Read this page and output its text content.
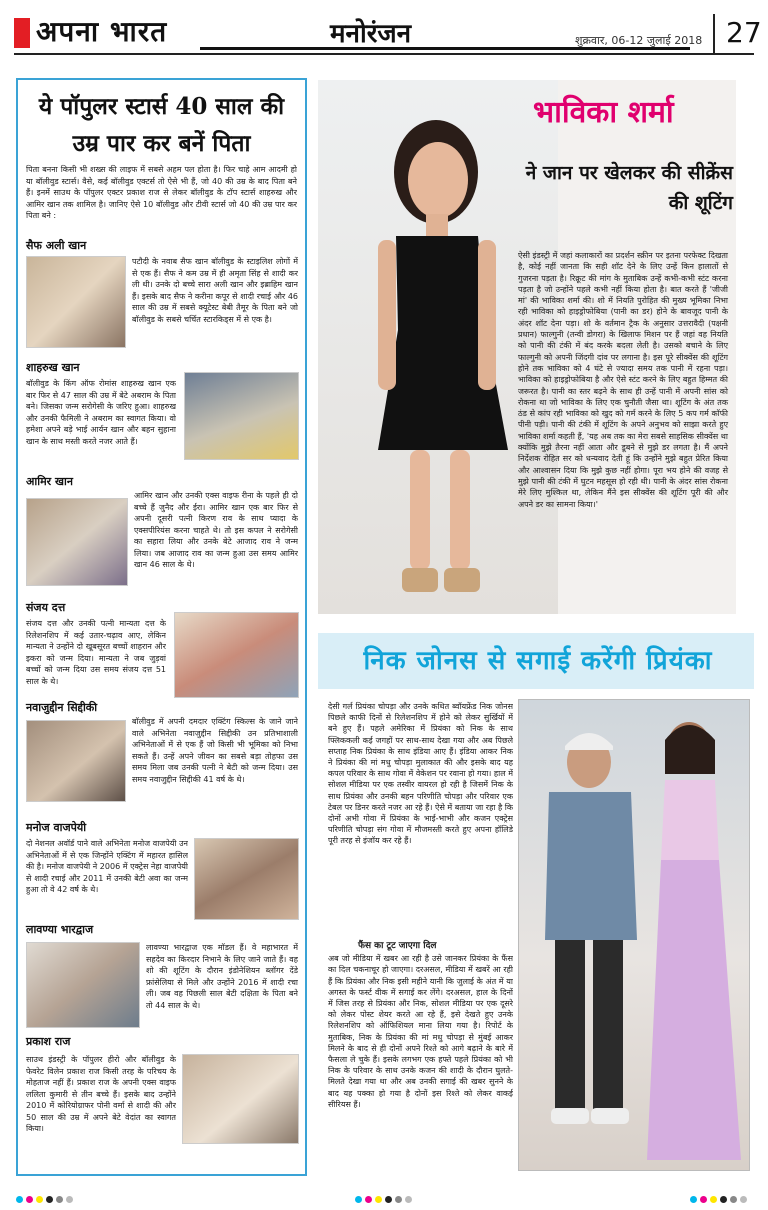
अपना भारत	मनोरंजन	शुक्रवार, 06-12 जुलाई 2018 27
ये पॉपुलर स्टार्स 40 साल की उम्र पार कर बनें पिता
पिता बनना किसी भी शख्स की लाइफ में सबसे अहम पल होता है। फिर चाहे आम आदमी हो या बॉलीवुड स्टार्स। वैसे, कई बॉलीवुड एक्टर्स तो ऐसे भी हैं, जो 40 की उम्र के बाद पिता बने हैं। इनमें साउथ के पॉपुलर एक्टर प्रकाश राज से लेकर बॉलीवुड के टॉप स्टार्स शाहरुख और आमिर खान तक शामिल है। जानिए ऐसे 10 बॉलीवुड और टीवी स्टार्स जो 40 की उम्र पार कर पिता बने :
सैफ अली खान
पटौदी के नवाब सैफ खान बॉलीवुड के स्टाइलिश लोगों में से एक हैं। सैफ ने कम उम्र में ही अमृता सिंह से शादी कर ली थी। उनके दो बच्चे सारा अली खान और इब्राहिम खान हैं। इसके बाद सैफ ने करीना कपूर से शादी रचाई और 46 साल की उम्र में सबसे क्यूटेस्ट बेबी तैमूर के पिता बने जो बॉलीवुड के सबसे चर्चित स्टारकिड्स में से एक है।
शाहरुख खान
बॉलीवुड के किंग ऑफ रोमांस शाहरुख खान एक बार फिर से 47 साल की उम्र में बेटे अबराम के पिता बने। जिसका जन्म सरोगेसी के जरिए हुआ। शाहरुख और उनकी फैमिली ने अबराम का स्वागत किया। वो हमेशा अपने बड़े भाई आर्यन खान और बहन सुहाना खान के साथ मस्ती करते नजर आते हैं।
आमिर खान
आमिर खान और उनकी एक्स वाइफ रीना के पहले ही दो बच्चे हैं जुनैद और ईरा। आमिर खान एक बार फिर से अपनी दूसरी पत्नी किरण राव के साथ प्यादा के एक्सपीरियंस करना चाहते थे। तो इस कपल ने सरोगेसी का सहारा लिया और उनके बेटे आजाद राव ने जन्म लिया। जब आजाद राव का जन्म हुआ उस समय आमिर खान 46 साल के थे।
संजय दत्त
संजय दत्त और उनकी पत्नी मान्यता दत्त के रिलेशनशिप में कई उतार-चढ़ाव आए, लेकिन मान्यता ने उन्होंने दो खूबसूरत बच्चों शाहरान और इकरा को जन्म दिया। मान्यता ने जब जुड़वां बच्चों को जन्म दिया उस समय संजय दत्त 51 साल के थे।
नवाजुद्दीन सिद्दीकी
बॉलीवुड में अपनी दमदार एक्टिंग स्किल्स के जाने जाने वाले अभिनेता नवाजुद्दीन सिद्दीकी उन प्रतिभाशाली अभिनेताओं में से एक हैं जो किसी भी भूमिका को निभा सकते हैं। उन्हें अपने जीवन का सबसे बड़ा तोहफा उस समय मिला जब उनकी पत्नी ने बेटी को जन्म दिया। उस समय नवाजुद्दीन सिद्दीकी 41 वर्ष के थे।
मनोज वाजपेयी
दो नेशनल अवॉर्ड पाने वाले अभिनेता मनोज वाजपेयी उन अभिनेताओं में से एक जिन्होंने एक्टिंग में महारत हासिल की है। मनोज वाजपेयी ने 2006 में एक्ट्रेस नेहा वाजपेयी से शादी रचाई और 2011 में उनकी बेटी अवा का जन्म हुआ तो वे 42 वर्ष के थे।
लावण्या भारद्वाज
लावण्या भारद्वाज एक मॉडल हैं। वे महाभारत में सहदेव का किरदार निभाने के लिए जाने जाते हैं। वह शो की शूटिंग के दौरान इंडोनेशियन ब्लॉगर देंडे फ्रांसेलिया से मिले और उन्होंने 2016 में शादी रचा ली। जब वह पिछली साल बेटी दक्षिता के पिता बने तो 44 साल के थे।
प्रकाश राज
साउथ इंडस्ट्री के पॉपुलर हीरो और बॉलीवुड के फेवरेट विलेन प्रकाश राज किसी तरह के परिचय के मोहताज नहीं हैं। प्रकाश राज के अपनी एक्स वाइफ ललिता कुमारी से तीन बच्चे हैं। इसके बाद उन्होंने 2010 में कोरियोग्राफर पोनी वर्मा से शादी की और 50 साल की उम्र में अपने बेटे वेदांत का स्वागत किया।
भाविका शर्मा
ने जान पर खेलकर की सीक्रेंस की शूटिंग
ऐसी इंडस्ट्री में जहां कलाकारों का प्रदर्शन स्क्रीन पर इतना परफेक्ट दिखता है, कोई नहीं जानता कि सही शॉट देने के लिए उन्हें किन हालातों से गुजरना पड़ता है। रिक्रूट की मांग के मुताबिक उन्हें कभी-कभी स्टंट करना पड़ता है जो उन्होंने पहले कभी नहीं किया होता है। बात करते हैं 'जीजी मां' की भाविका शर्मा की। शो में नियति पुरोहित की मुख्य भूमिका निभा रही भाविका को हाइड्रोफोबिया (पानी का डर) होने के बावजूद पानी के अंदर शॉट देना पड़ा। शो के वर्तमान ट्रैक के अनुसार उत्तरावैदी (पक्षनी प्रधान) फाल्गुनी (तन्वी डोगरा) के खिलाफ मिशन पर हैं जहां वह नियति को पानी की टंकी में बंद करके बदला लेती है। उसको बचाने के लिए फाल्गुनी को अपनी जिंदगी दांव पर लगाना है। इस पूरे सीक्वेंस की शूटिंग होने तक भाविका को 4 घंटे से ज्यादा समय तक पानी में रहना पड़ा। भाविका को हाइड्रोफोबिया है और ऐसे स्टंट करने के लिए बहुत हिम्मत की जरूरत है। पानी का स्तर बढ़ने के साथ ही उन्हें पानी में अपनी सांस को रोकना था जो भाविका के लिए एक चुनौती जैसा था। शूटिंग के अंत तक ठंड से कांप रही भाविका को खुद को गर्म करने के लिए 5 कप गर्म कॉफी पीनी पड़ी। पानी की टंकी में शूटिंग के अपने अनुभव को साझा करते हुए भाविका शर्मा कहती हैं, 'यह अब तक का मेरा सबसे साहसिक सीक्वेंस था क्योंकि मुझे तैरना नहीं आता और डूबने से मुझे डर लगता है। मैं अपने निर्देशक रोहित सर को धन्यवाद देती हूं कि उन्होंने मुझे बहुत प्रेरित किया और आश्वासन दिया कि मुझे कुछ नहीं होगा। पूरा भय होने की वजह से मुझे पानी की टंकी में घुटन महसूस हो रही थी। पानी के अंदर सांस रोकना मेरे लिए मुश्किल था, लेकिन मैंने इस सीक्वेंस की शूटिंग पूरी की और अपने डर का सामना किया।'
निक जोनस से सगाई करेंगी प्रियंका
देसी गर्ल प्रियंका चोपड़ा और उनके कथित ब्वॉयफ्रेंड निक जोनस पिछले काफी दिनों से रिलेशनशिप में होने को लेकर सुर्खियों में बने हुए हैं। पहले अमेरिका में प्रियंका को निक के साथ फ्लिककली कई जगहों पर साथ-साथ देखा गया और अब पिछले सप्ताह निक प्रियंका के साथ इंडिया आए हैं। इंडिया आकर निक ने प्रियंका की मां मधु चोपड़ा मुलाकात की और इसके बाद यह कपल परिवार के साथ गोवा में वेकेशन पर रवाना हो गया। हाल में सोशल मीडिया पर एक तस्वीर वायरल हो रही है जिसमें निक के साथ प्रियंका और उनकी बहन परिणीति चोपड़ा और परिवार एक टेबल पर डिनर करते नजर आ रहे हैं। ऐसे में बताया जा रहा है कि दोनों अभी गोवा में प्रियंका के भाई-भाभी और कजन एक्ट्रेस परिणीति चोपड़ा संग गोवा में मौजमस्ती करते हुए अपना हॉलिडे पूरी तरह से इंजॉय कर रहे हैं।
फैंस का टूट जाएगा दिल
अब जो मीडिया में खबर आ रही है उसे जानकर प्रियंका के फैंस का दिल चकनाचूर हो जाएगा। दरअसल, मीडिया में खबरें आ रही हैं कि प्रियंका और निक इसी महीने यानी कि जुलाई के अंत में या अगस्त के फर्स्ट वीक में सगाई कर लेंगे। दरअसल, हाल के दिनों में जिस तरह से प्रियंका और निक, सोशल मीडिया पर एक दूसरे को लेकर पोस्ट शेयर करते आ रहे हैं, इसे देखते हुए उनके रिलेशनशिप को ऑफिशियल माना लिया गया है। रिपोर्ट के मुताबिक, निक के प्रियंका की मां मधु चोपड़ा से मुंबई आकर मिलने के बाद से ही दोनों अपने रिश्ते को आगे बढ़ाने के बारे में फैसला ले चुके हैं। इसके लगभग एक हफ्ते पहले प्रियंका को भी निक के परिवार के साथ उनके कजन की शादी के दौरान घुलते-मिलते देखा गया था और अब उनकी सगाई की खबर सुनने के बाद यह पक्का हो गया है दोनों इस रिश्ते को लेकर वाकई सीरियस हैं।
